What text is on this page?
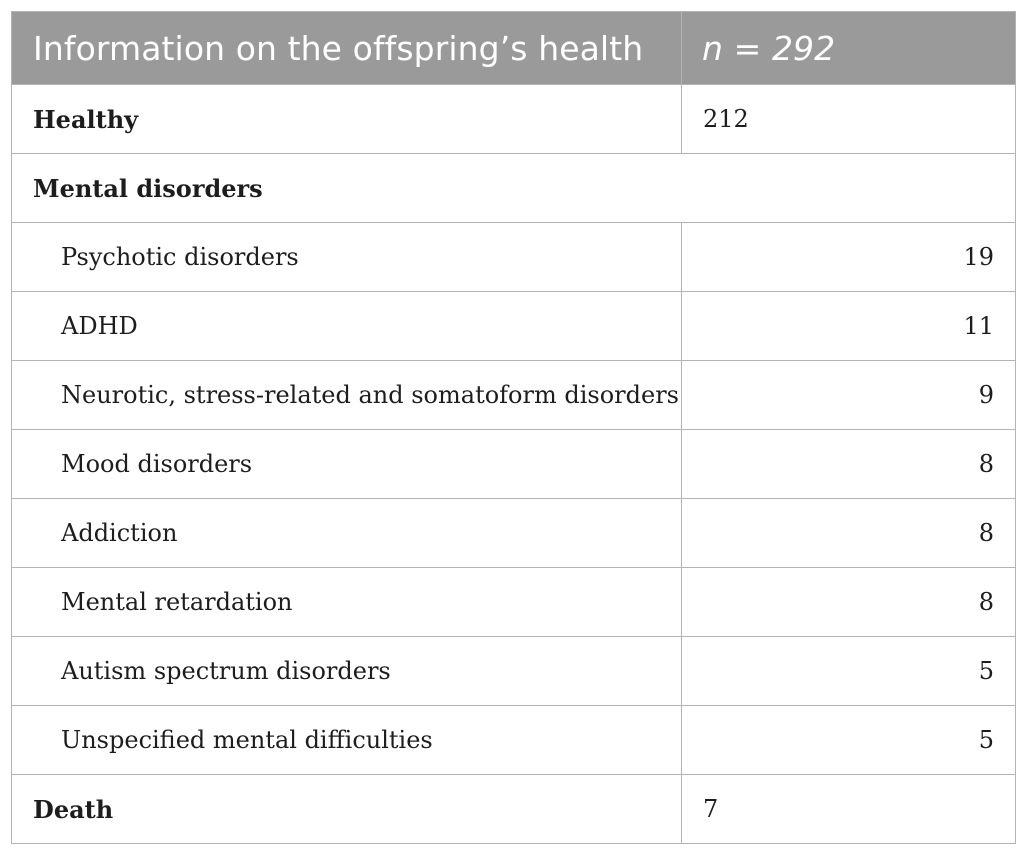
Information on the offspring’s health	n = 292
Healthy	212
Mental disorders	
Psychotic disorders	19
ADHD	11
Neurotic, stress-related and somatoform disorders	9
Mood disorders	8
Addiction	8
Mental retardation	8
Autism spectrum disorders	5
Unspecified mental difficulties	5
Death	7
